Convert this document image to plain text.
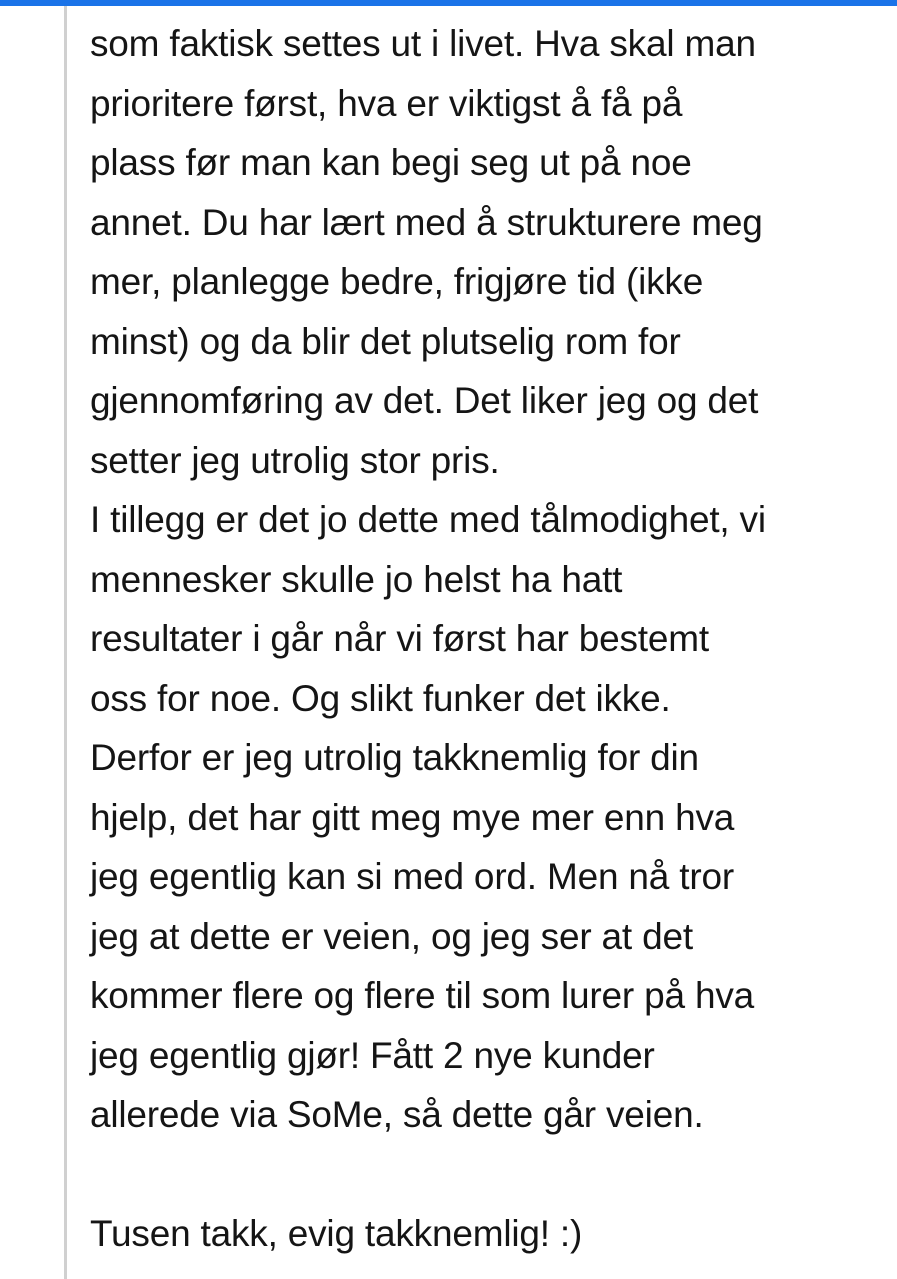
som faktisk settes ut i livet. Hva skal man
prioritere først, hva er viktigst å få på
plass før man kan begi seg ut på noe
annet. Du har lært med å strukturere meg
mer, planlegge bedre, frigjøre tid (ikke
minst) og da blir det plutselig rom for
gjennomføring av det. Det liker jeg og det
setter jeg utrolig stor pris.
I tillegg er det jo dette med tålmodighet, vi
mennesker skulle jo helst ha hatt
resultater i går når vi først har bestemt
oss for noe. Og slikt funker det ikke.
Derfor er jeg utrolig takknemlig for din
hjelp, det har gitt meg mye mer enn hva
jeg egentlig kan si med ord. Men nå tror
jeg at dette er veien, og jeg ser at det
kommer flere og flere til som lurer på hva
jeg egentlig gjør! Fått 2 nye kunder
allerede via SoMe, så dette går veien.
Tusen takk, evig takknemlig! :)
